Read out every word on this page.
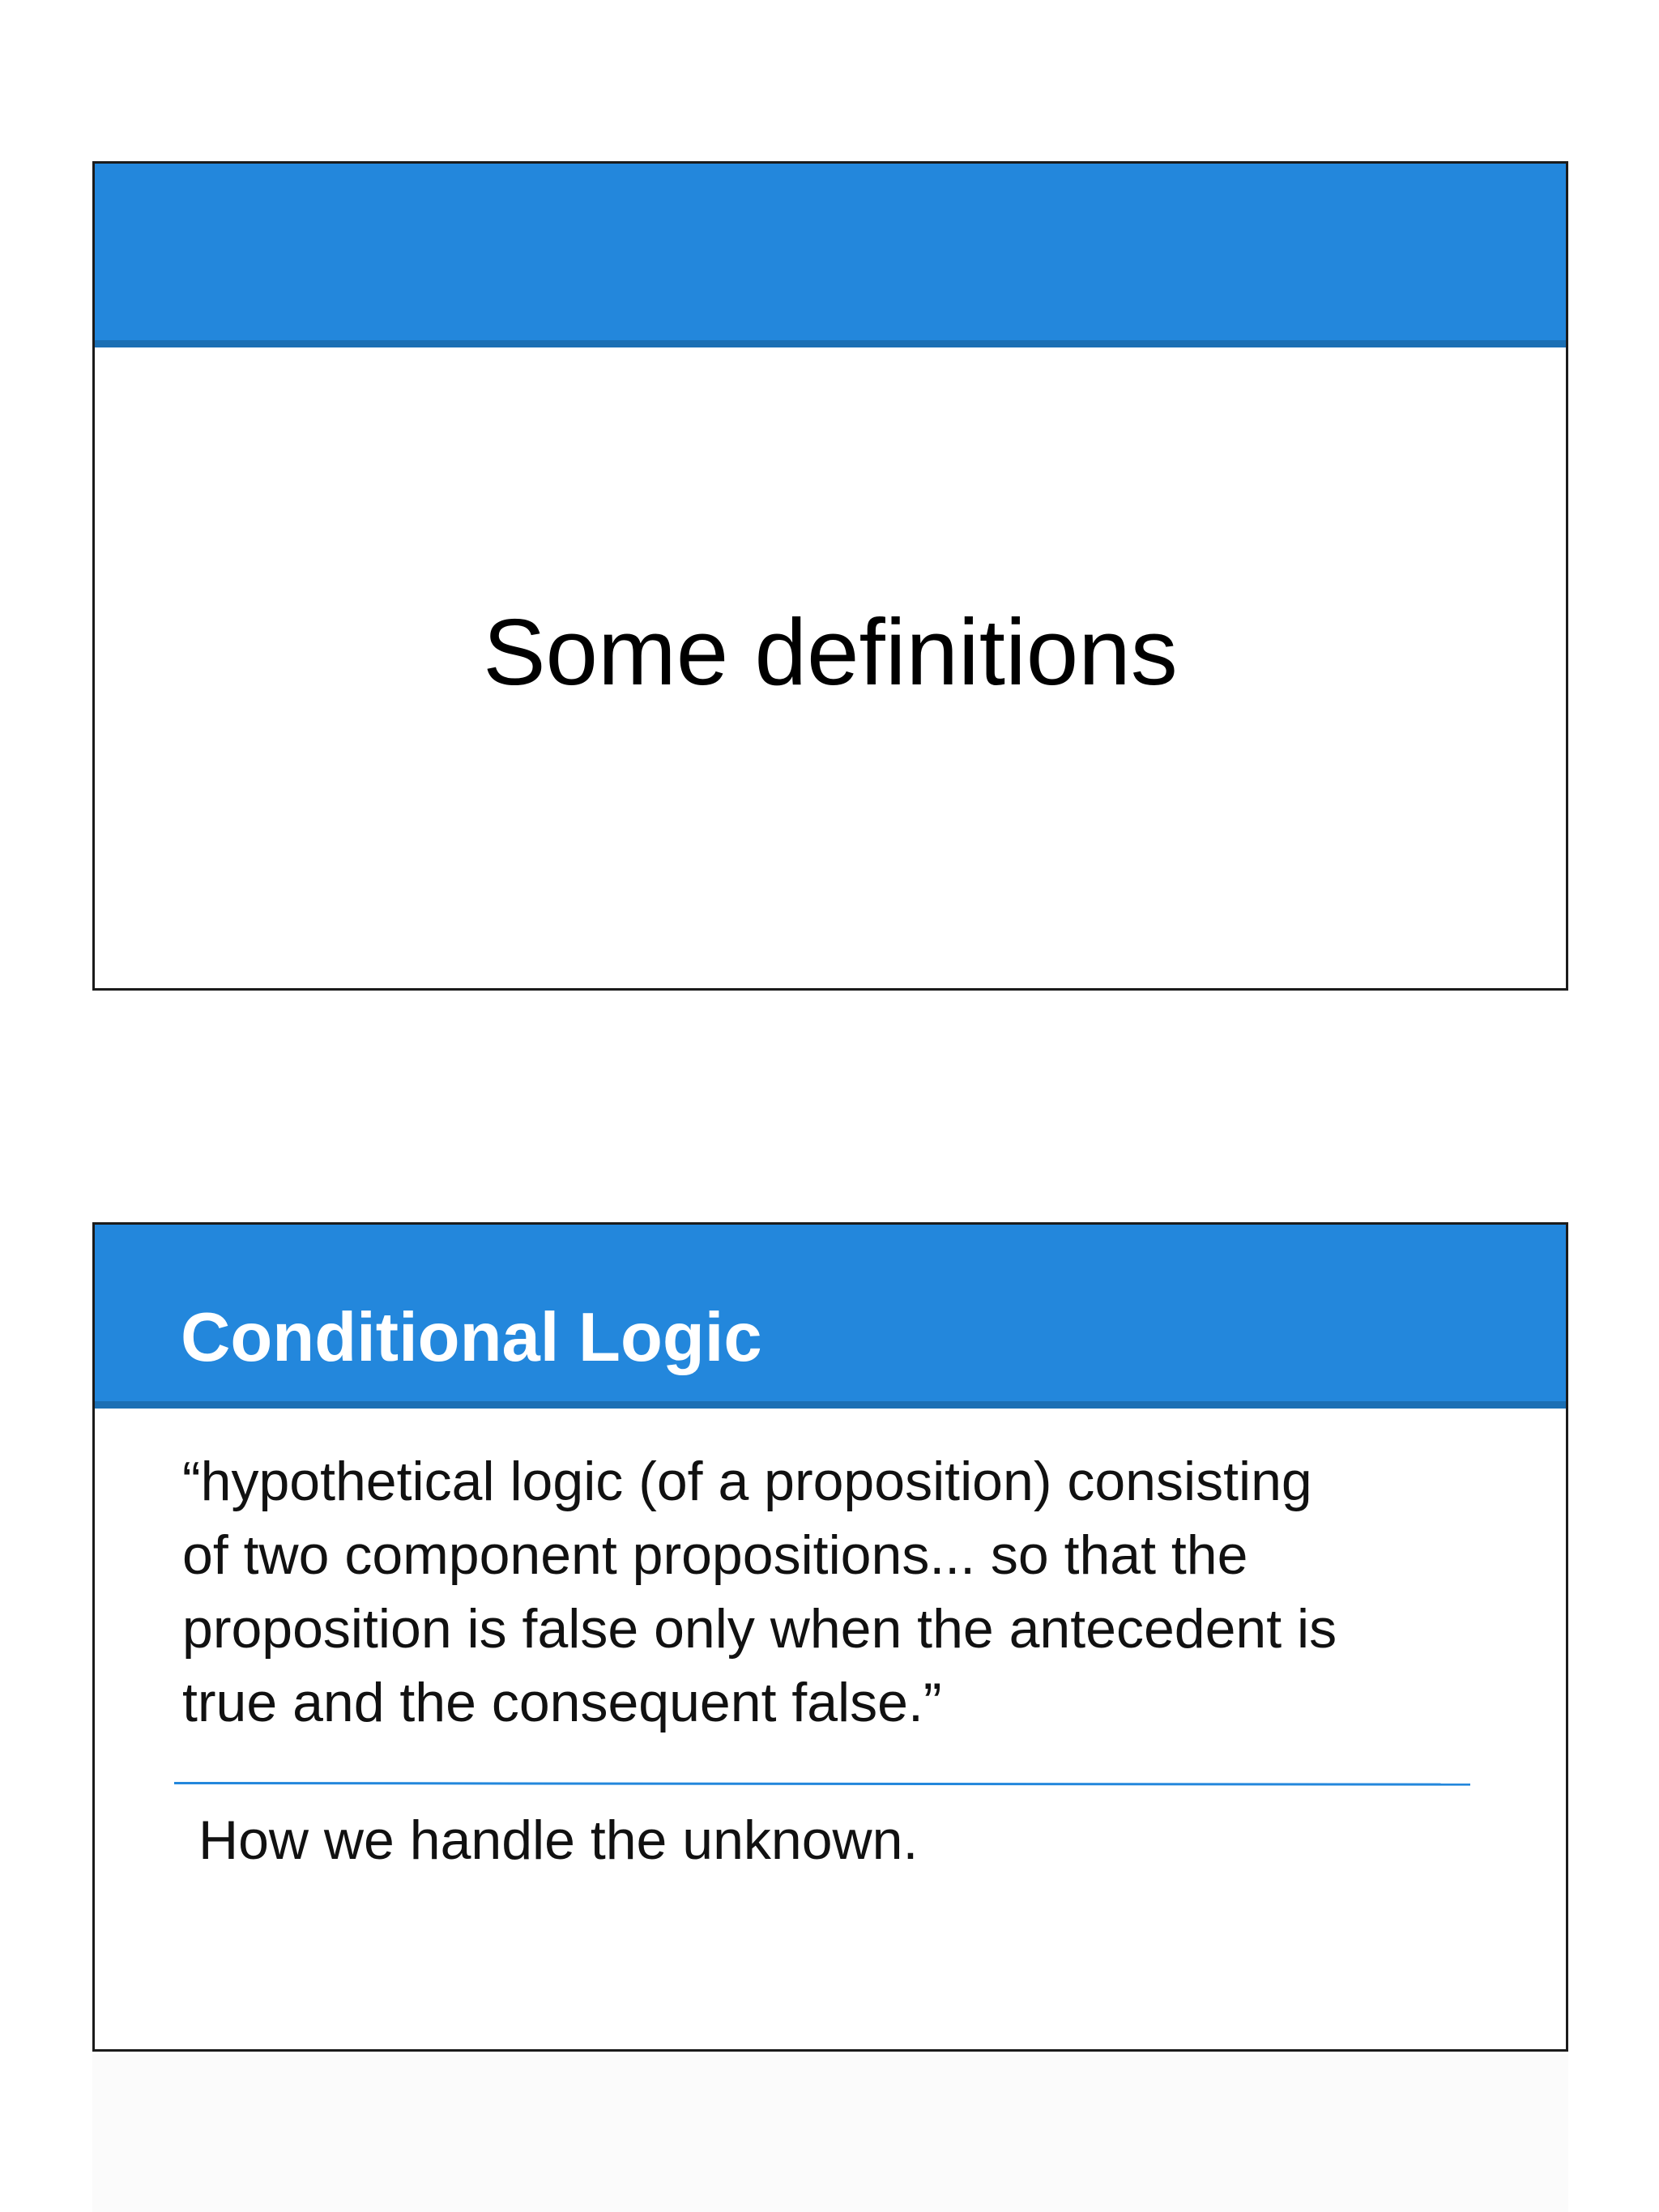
Some definitions
Conditional Logic

“hypothetical logic (of a proposition) consisting
of two component propositions... so that the
proposition is false only when the antecedent is
true and the consequent false.”

How we handle the unknown.
